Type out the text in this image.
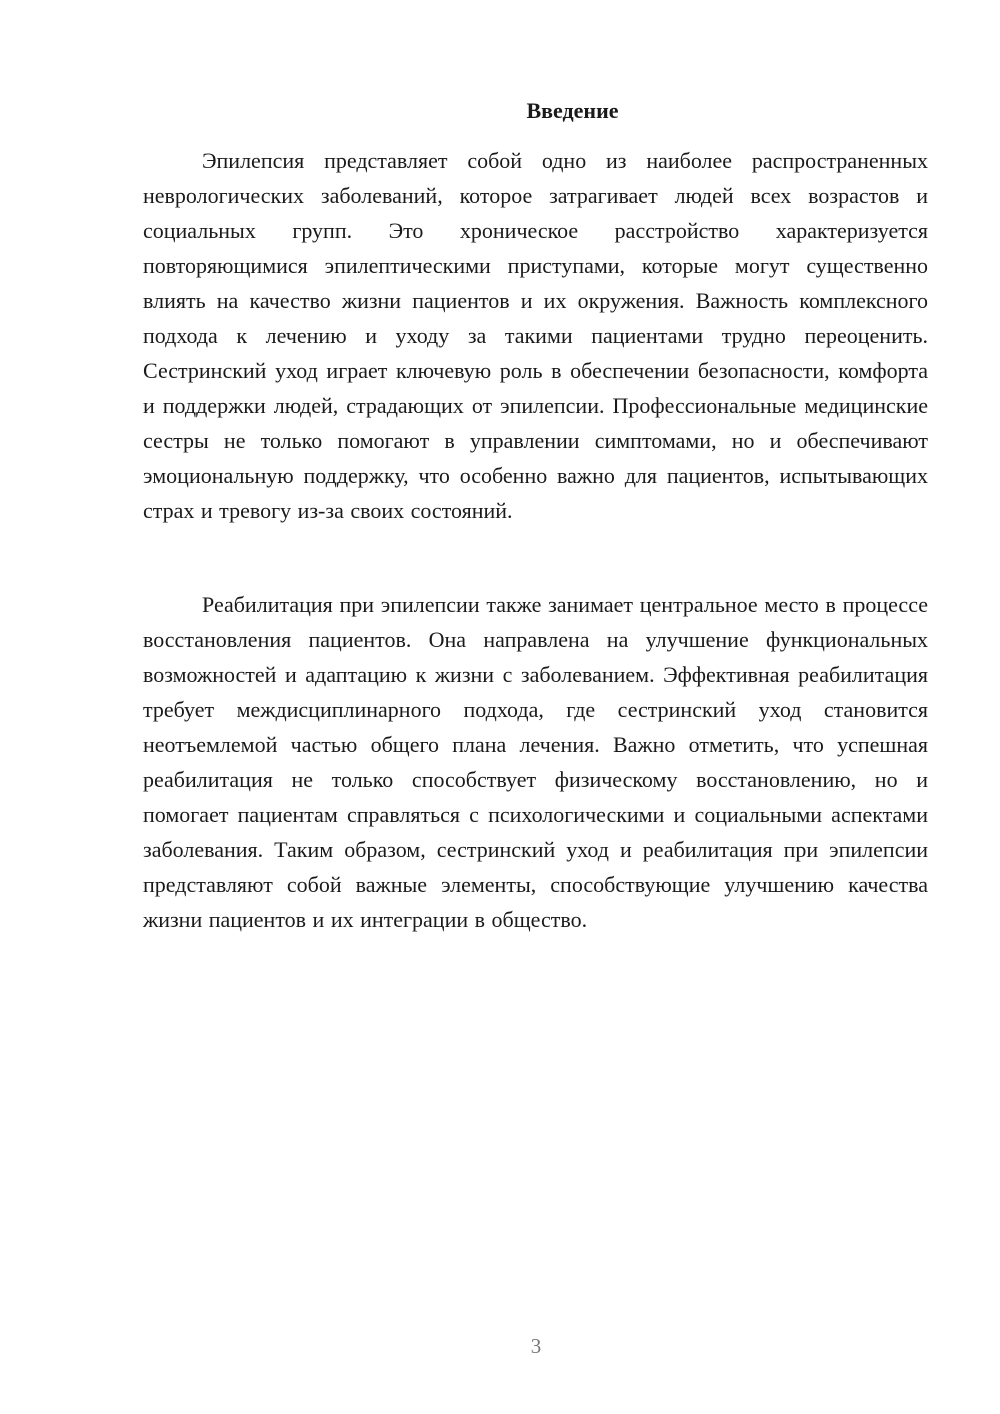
Введение

Эпилепсия представляет собой одно из наиболее распространенных неврологических заболеваний, которое затрагивает людей всех возрастов и социальных групп. Это хроническое расстройство характеризуется повторяющимися эпилептическими приступами, которые могут существенно влиять на качество жизни пациентов и их окружения. Важность комплексного подхода к лечению и уходу за такими пациентами трудно переоценить. Сестринский уход играет ключевую роль в обеспечении безопасности, комфорта и поддержки людей, страдающих от эпилепсии. Профессиональные медицинские сестры не только помогают в управлении симптомами, но и обеспечивают эмоциональную поддержку, что особенно важно для пациентов, испытывающих страх и тревогу из-за своих состояний.

Реабилитация при эпилепсии также занимает центральное место в процессе восстановления пациентов. Она направлена на улучшение функциональных возможностей и адаптацию к жизни с заболеванием. Эффективная реабилитация требует междисциплинарного подхода, где сестринский уход становится неотъемлемой частью общего плана лечения. Важно отметить, что успешная реабилитация не только способствует физическому восстановлению, но и помогает пациентам справляться с психологическими и социальными аспектами заболевания. Таким образом, сестринский уход и реабилитация при эпилепсии представляют собой важные элементы, способствующие улучшению качества жизни пациентов и их интеграции в общество.

3
